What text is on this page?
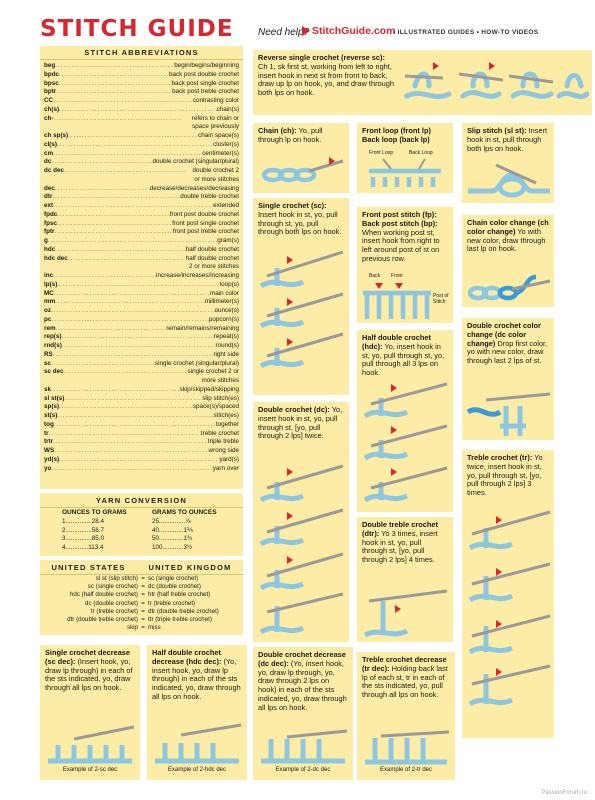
STITCH GUIDE Need help? StitchGuide.com
• ILLUSTRATED GUIDES • HOW-TO VIDEOS
STITCH ABBREVIATIONS
beg .....	begin/begins/beginning
bpdc .....	back post double crochet
bpsc .....	back post single crochet
bptr .....	back post treble crochet
CC .....	contrasting color
ch(s) .....	chain(s)
ch- .....	refers to chain or space previously
ch sp(s) .....	chain space(s)
cl(s) .....	cluster(s)
cm .....	centimeter(s)
dc .....	double crochet (singular/plural)
dc dec .....	double crochet 2 or more stitches
dec .....	decrease/decreases/decreasing
dtr .....	double treble crochet
ext .....	extended
fpdc .....	front post double crochet
fpsc .....	front post single crochet
fptr .....	front post treble crochet
g .....	gram(s)
hdc .....	half double crochet
hdc dec .....	half double crochet 2 or more stitches
inc .....	increase/increases/increasing
lp(s) .....	loop(s)
MC .....	main color
mm .....	millimeter(s)
oz .....	ounce(s)
pc .....	popcorn(s)
rem .....	remain/remains/remaining
rep(s) .....	repeat(s)
rnd(s) .....	round(s)
RS .....	right side
sc .....	single crochet (singular/plural)
sc dec .....	single crochet 2 or more stitches
sk .....	skip/skipped/skipping
sl st(s) .....	slip stitch(es)
sp(s) .....	space(s)/spaced
st(s) .....	stitch(es)
tog .....	together
tr .....	treble crochet
trtr .....	triple treble
WS .....	wrong side
yd(s) .....	yard(s)
yo .....	yarn over
YARN CONVERSION
OUNCES TO GRAMS
1...............28.4
2...............56.7
3...............85.0
4.............113.4
GRAMS TO OUNCES
25...............⅞
40..............1⅖
50..............1¾
100............3½
UNITED STATES	UNITED KINGDOM
sl st (slip stitch) = sc (single crochet)
sc (single crochet) = dc (double crochet)
hdc (half double crochet) = htr (half treble crochet)
dc (double crochet) = tr (treble crochet)
tr (treble crochet) = dtr (double treble crochet)
dtr (double treble crochet) = ttr (triple treble crochet)
skip = miss
Reverse single crochet (reverse sc): Ch 1, sk first st, working from left to right, insert hook in next st from front to back, draw up lp on hook, yo, and draw through both lps on hook.
Chain (ch): Yo, pull through lp on hook.
Front loop (front lp) Back loop (back lp)
Front Loop	Back Loop
Slip stitch (sl st): Insert hook in st, pull through both lps on hook.
Single crochet (sc): Insert hook in st, yo, pull through st, yo, pull through both lps on hook.
Front post stitch (fp): Back post stitch (bp): When working post st, insert hook from right to left around post of st on previous row.
Back Front
Post of Stitch
Chain color change (ch color change) Yo with new color, draw through last lp on hook.
Half double crochet (hdc): Yo, insert hook in st, yo, pull through st, yo, pull through all 3 lps on hook.
Double crochet color change (dc color change) Drop first color, yo with new color, draw through last 2 lps of st.
Double crochet (dc): Yo, insert hook in st, yo, pull through st, [yo, pull through 2 lps] twice.
Treble crochet (tr): Yo twice, insert hook in st, yo, pull through st, [yo, pull through 2 lps] 3 times.
Double treble crochet (dtr): Yo 3 times, insert hook in st, yo, pull through st, [yo, pull through 2 lps] 4 times.
Single crochet decrease (sc dec): (Insert hook, yo, draw lp through) in each of the sts indicated, yo, draw through all lps on hook.
Example of 2-sc dec
Half double crochet decrease (hdc dec): (Yo, insert hook, yo, draw lp through) in each of the sts indicated, yo, draw through all lps on hook.
Example of 2-hdc dec
Double crochet decrease (dc dec): (Yo, insert hook, yo, draw lp through, yo, draw through 2 lps on hook) in each of the sts indicated, yo, draw through all lps on hook.
Example of 2-dc dec
Treble crochet decrease (tr dec): Holding back last lp of each st, tr in each of the sts indicated, yo, pull through all lps on hook.
Example of 2-tr dec
PassionForum.ru
